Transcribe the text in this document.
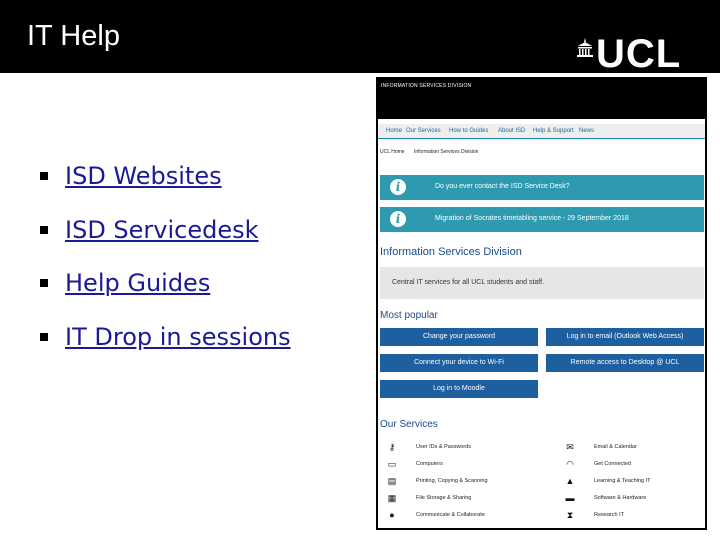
IT Help	UCL
ISD Websites
ISD Servicedesk
Help Guides
IT Drop in sessions
INFORMATION SERVICES DIVISION
Home Our Services How to Guides About ISD Help & Support News
UCL Home Information Services Division
i	Do you ever contact the ISD Service Desk?
i	Migration of Socrates timetabling service - 29 September 2018
Information Services Division
Central IT services for all UCL students and staff.
Most popular
Change your password	Log in to email (Outlook Web Access)
Connect your device to Wi-Fi	Remote access to Desktop @ UCL
Log in to Moodle
Our Services
⚷	User IDs & Passwords	✉	Email & Calendar
▭	Computers	◠	Get Connected
▤	Printing, Copying & Scanning	▲	Learning & Teaching IT
▦	File Storage & Sharing	▬	Software & Hardware
●	Communicate & Collaborate	⧗	Research IT
